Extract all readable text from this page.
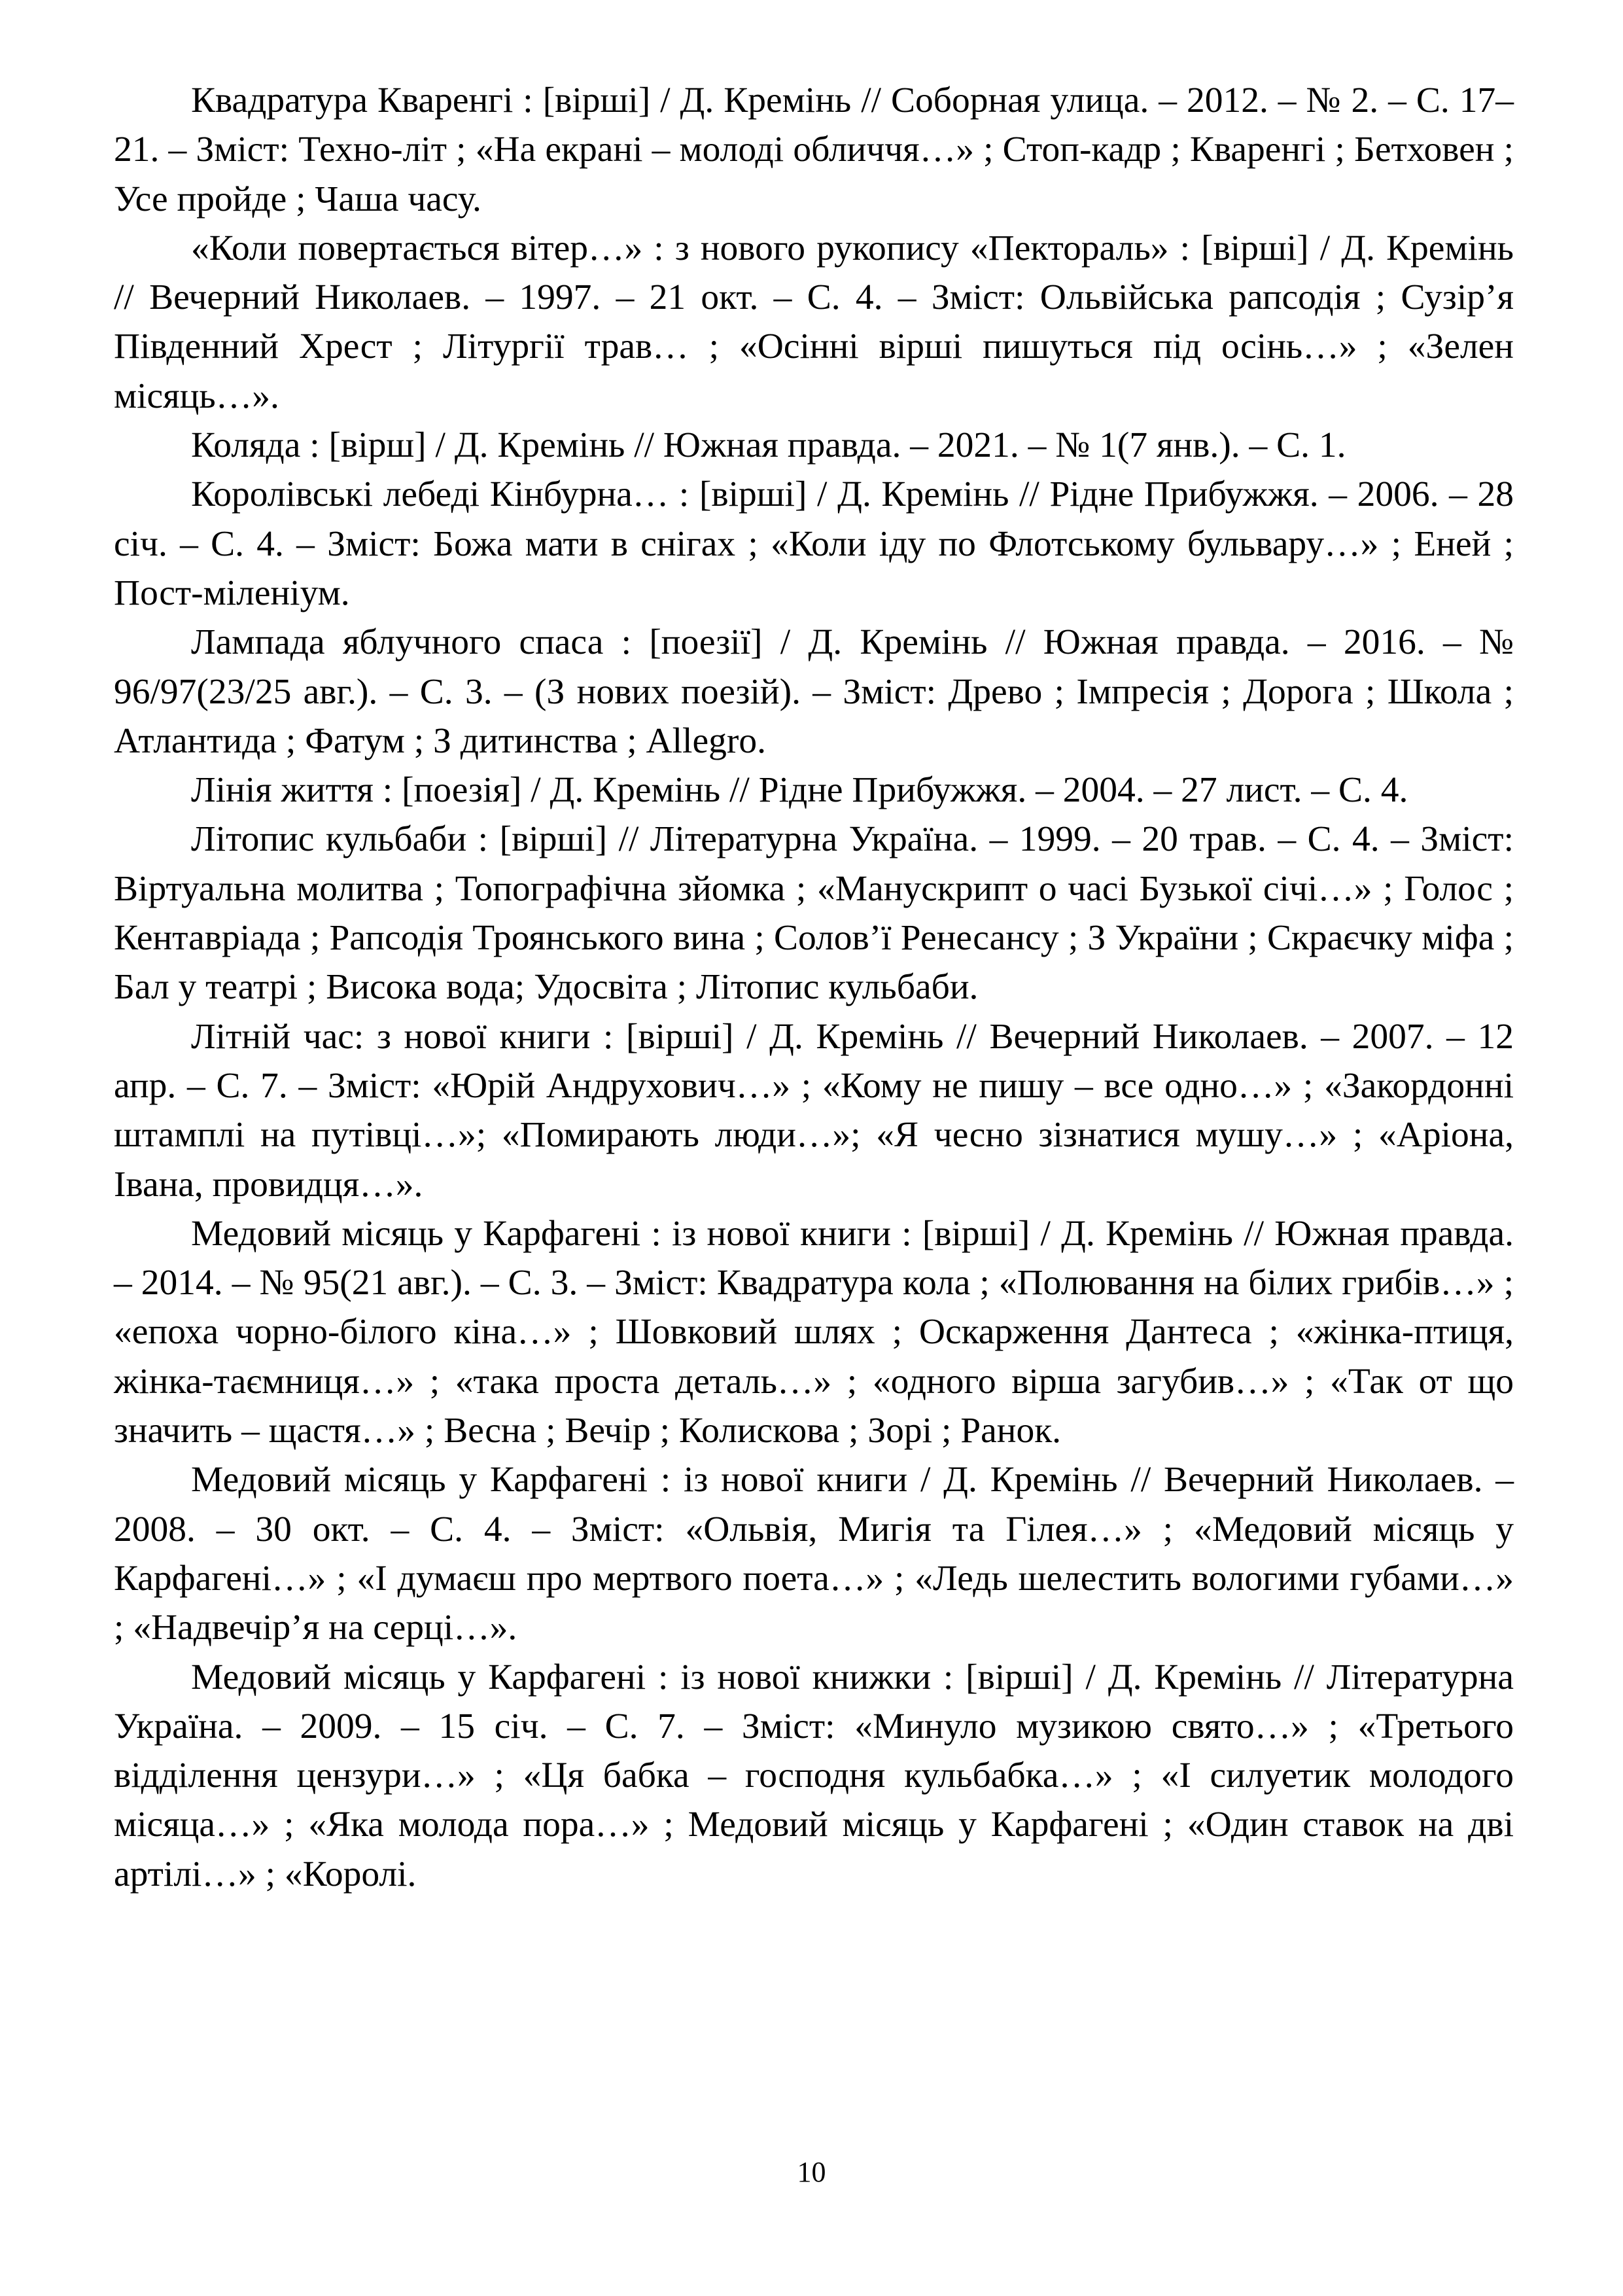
Квадратура Кваренгі : [вірші] / Д. Кремінь // Соборная улица. – 2012. – № 2. – С. 17–21. – Зміст: Техно-літ ; «На екрані – молоді обличчя…» ; Стоп-кадр ; Кваренгі ; Бетховен ; Усе пройде ; Чаша часу.

«Коли повертається вітер…» : з нового рукопису «Пектораль» : [вірші] / Д. Кремінь // Вечерний Николаев. – 1997. – 21 окт. – С. 4. – Зміст: Ольвійська рапсодія ; Сузір’я Південний Хрест ; Літургії трав… ; «Осінні вірші пишуться під осінь…» ; «Зелен місяць…».

Коляда : [вірш] / Д. Кремінь // Южная правда. – 2021. – № 1(7 янв.). – С. 1.

Королівські лебеді Кінбурна… : [вірші] / Д. Кремінь // Рідне Прибужжя. – 2006. – 28 січ. – С. 4. – Зміст: Божа мати в снігах ; «Коли іду по Флотському бульвару…» ; Еней ; Пост-міленіум.

Лампада яблучного спаса : [поезії] / Д. Кремінь // Южная правда. – 2016. – № 96/97(23/25 авг.). – С. 3. – (З нових поезій). – Зміст: Древо ; Імпресія ; Дорога ; Школа ; Атлантида ; Фатум ; З дитинства ; Allegro.

Лінія життя : [поезія] / Д. Кремінь // Рідне Прибужжя. – 2004. – 27 лист. – С. 4.

Літопис кульбаби : [вірші] // Літературна Україна. – 1999. – 20 трав. – С. 4. – Зміст: Віртуальна молитва ; Топографічна зйомка ; «Манускрипт о часі Бузької січі…» ; Голос ; Кентавріада ; Рапсодія Троянського вина ; Солов’ї Ренесансу ; З України ; Скраєчку міфа ; Бал у театрі ; Висока вода; Удосвіта ; Літопис кульбаби.

Літній час: з нової книги : [вірші] / Д. Кремінь // Вечерний Николаев. – 2007. – 12 апр. – С. 7. – Зміст: «Юрій Андрухович…» ; «Кому не пишу – все одно…» ; «Закордонні штамплі на путівці…»; «Помирають люди…»; «Я чесно зізнатися мушу…» ; «Аріона, Івана, провидця…».

Медовий місяць у Карфагені : із нової книги : [вірші] / Д. Кремінь // Южная правда. – 2014. – № 95(21 авг.). – С. 3. – Зміст: Квадратура кола ; «Полювання на білих грибів…» ; «епоха чорно-білого кіна…» ; Шовковий шлях ; Оскарження Дантеса ; «жінка-птиця, жінка-таємниця…» ; «така проста деталь…» ; «одного вірша загубив…» ; «Так от що значить – щастя…» ; Весна ; Вечір ; Колискова ; Зорі ; Ранок.

Медовий місяць у Карфагені : із нової книги / Д. Кремінь // Вечерний Николаев. – 2008. – 30 окт. – С. 4. – Зміст: «Ольвія, Мигія та Гілея…» ; «Медовий місяць у Карфагені…» ; «І думаєш про мертвого поета…» ; «Ледь шелестить вологими губами…» ; «Надвечір’я на серці…».

Медовий місяць у Карфагені : із нової книжки : [вірші] / Д. Кремінь // Літературна Україна. – 2009. – 15 січ. – С. 7. – Зміст: «Минуло музикою свято…» ; «Третього відділення цензури…» ; «Ця бабка – господня кульбабка…» ; «І силуетик молодого місяца…» ; «Яка молода пора…» ; Медовий місяць у Карфагені ; «Один ставок на дві артілі…» ; «Королі.

10
